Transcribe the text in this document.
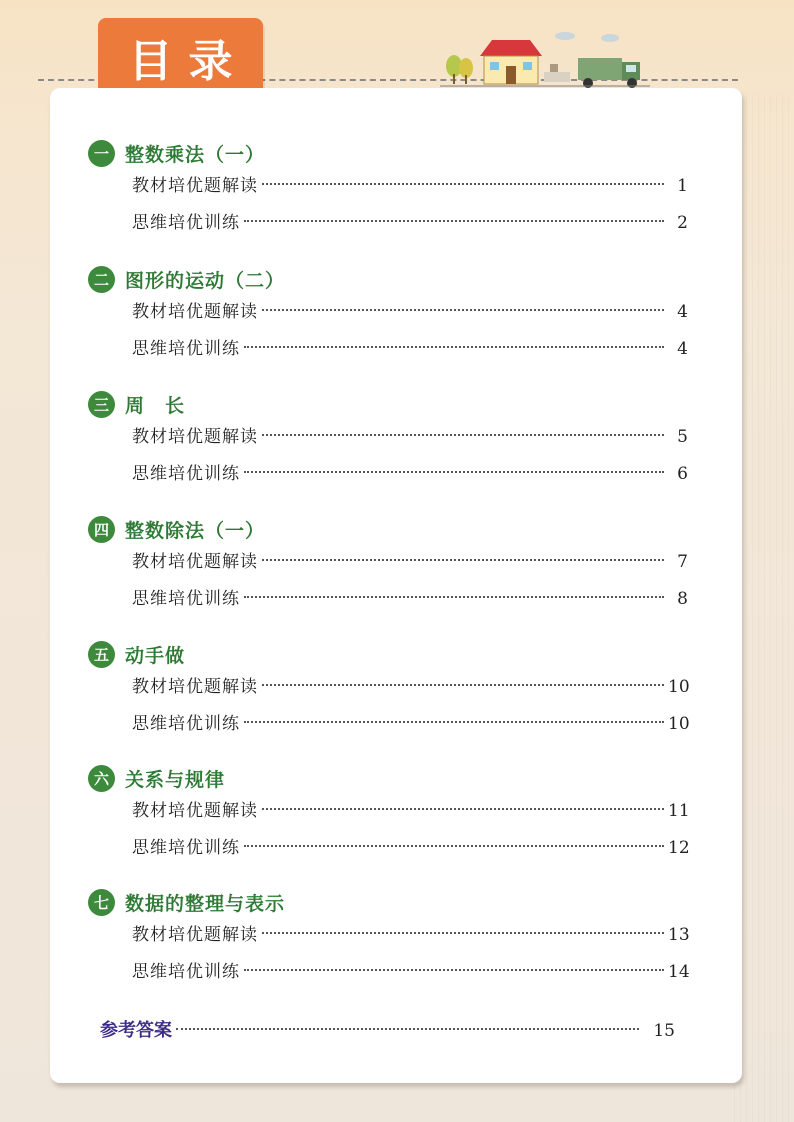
目录
一 整数乘法（一）
教材培优题解读	1
思维培优训练	2
二 图形的运动（二）
教材培优题解读	4
思维培优训练	4
三 周　长
教材培优题解读	5
思维培优训练	6
四 整数除法（一）
教材培优题解读	7
思维培优训练	8
五 动手做
教材培优题解读	10
思维培优训练	10
六 关系与规律
教材培优题解读	11
思维培优训练	12
七 数据的整理与表示
教材培优题解读	13
思维培优训练	14
参考答案	15
